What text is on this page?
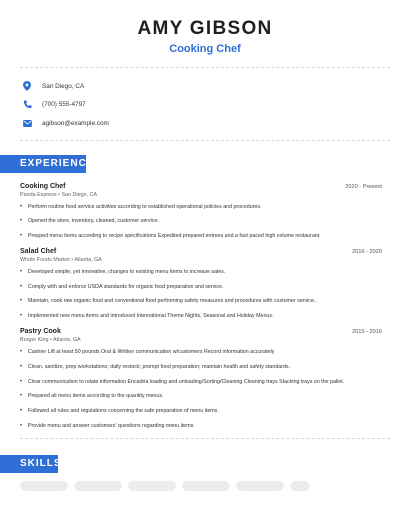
AMY GIBSON
Cooking Chef
San Diego, CA
(700) 555-4797
agibson@example.com
EXPERIENCE
Cooking Chef	2020 - Present
Panda Express • San Diego, CA
• Perform routine food service activities according to established operational policies and procedures.
• Opened the store, inventory, cleaned, customer service.
• Prepped menu items according to recipe specifications Expedited prepared entrees and a fast paced high volume restaurant.
Salad Chef	2016 - 2020
Whole Foods Market • Atlanta, GA
• Developed simple, yet innovative, changes to existing menu items to increase sales.
• Comply with and enforce USDA standards for organic food preparation and service.
• Maintain, cook raw organic food and conventional food performing safety measures and procedures with customer service..
• Implemented new menu items and introduced International Theme Nights, Seasonal and Holiday Menus.
Pastry Cook	2015 - 2016
Burger King • Atlanta, GA
• Cashier Lift at least 50 pounds Oral & Written communication w/customers Record information accurately
• Clean, sanitize, prep workstations; daily restock; prompt food preparation; maintain health and safety standards.
• Clear communication to relate information Encadria loading and unloading/Sorting/Cleaning Cleaning trays Stacking trays on the pallet.
• Prepared all menu items according to the quantity menus.
• Followed all rules and regulations concerning the safe preparation of menu items.
• Provide menu and answer customers' questions regarding menu items.
SKILLS
